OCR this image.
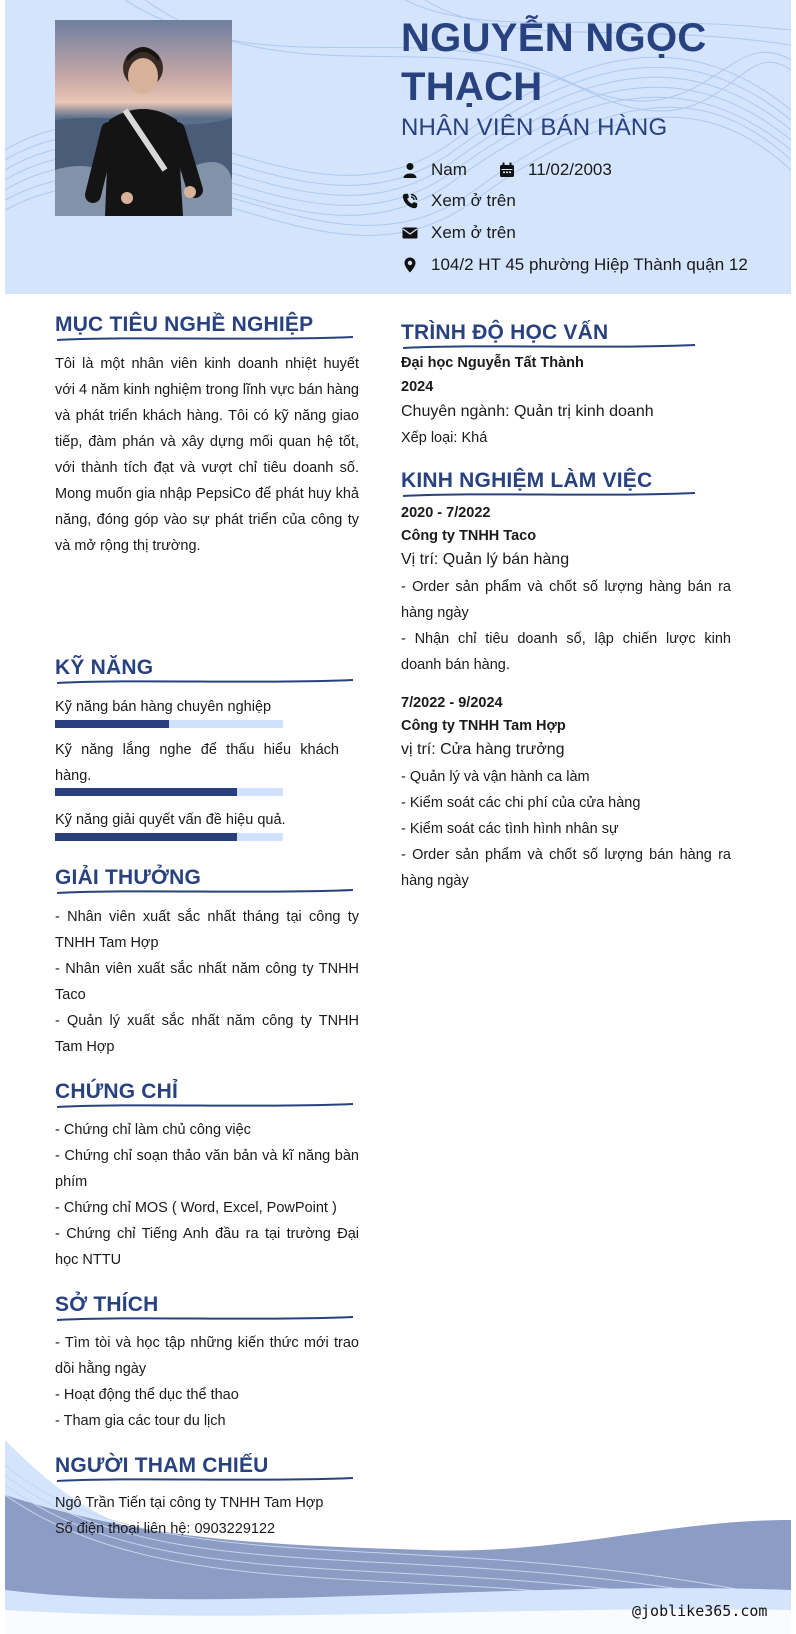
NGUYỄN NGỌC THẠCH
NHÂN VIÊN BÁN HÀNG
Nam	11/02/2003
Xem ở trên
Xem ở trên
104/2 HT 45 phường Hiệp Thành quận 12
@joblike365.com
MỤC TIÊU NGHỀ NGHIỆP
Tôi là một nhân viên kinh doanh nhiệt huyết với 4 năm kinh nghiệm trong lĩnh vực bán hàng và phát triển khách hàng. Tôi có kỹ năng giao tiếp, đàm phán và xây dựng mối quan hệ tốt, với thành tích đạt và vượt chỉ tiêu doanh số. Mong muốn gia nhập PepsiCo để phát huy khả năng, đóng góp vào sự phát triển của công ty và mở rộng thị trường.
KỸ NĂNG
Kỹ năng bán hàng chuyên nghiệp
Kỹ năng lắng nghe để thấu hiểu khách hàng.
Kỹ năng giải quyết vấn đề hiệu quả.
GIẢI THƯỞNG
- Nhân viên xuất sắc nhất tháng tại công ty TNHH Tam Hợp
- Nhân viên xuất sắc nhất năm công ty TNHH Taco
- Quản lý xuất sắc nhất năm công ty TNHH Tam Hợp
CHỨNG CHỈ
- Chứng chỉ làm chủ công việc
- Chứng chỉ soạn thảo văn bản và kĩ năng bàn phím
- Chứng chỉ MOS ( Word, Excel, PowPoint )
- Chứng chỉ Tiếng Anh đầu ra tại trường Đại học NTTU
SỞ THÍCH
- Tìm tòi và học tập những kiến thức mới trao dồi hằng ngày
- Hoạt động thể dục thể thao
- Tham gia các tour du lịch
NGƯỜI THAM CHIẾU
Ngô Trần Tiến tại công ty TNHH Tam Hợp
Số điện thoại liên hệ: 0903229122
TRÌNH ĐỘ HỌC VẤN
Đại học Nguyễn Tất Thành
2024
Chuyên ngành: Quản trị kinh doanh
Xếp loại: Khá
KINH NGHIỆM LÀM VIỆC
2020 - 7/2022
Công ty TNHH Taco
Vị trí: Quản lý bán hàng
- Order sản phẩm và chốt số lượng hàng bán ra hàng ngày
- Nhận chỉ tiêu doanh số, lập chiến lược kinh doanh bán hàng.
7/2022 - 9/2024
Công ty TNHH Tam Hợp
vị trí: Cửa hàng trưởng
- Quản lý và vận hành ca làm
- Kiểm soát các chi phí của cửa hàng
- Kiểm soát các tình hình nhân sự
- Order sản phẩm và chốt số lượng bán hàng ra hàng ngày
